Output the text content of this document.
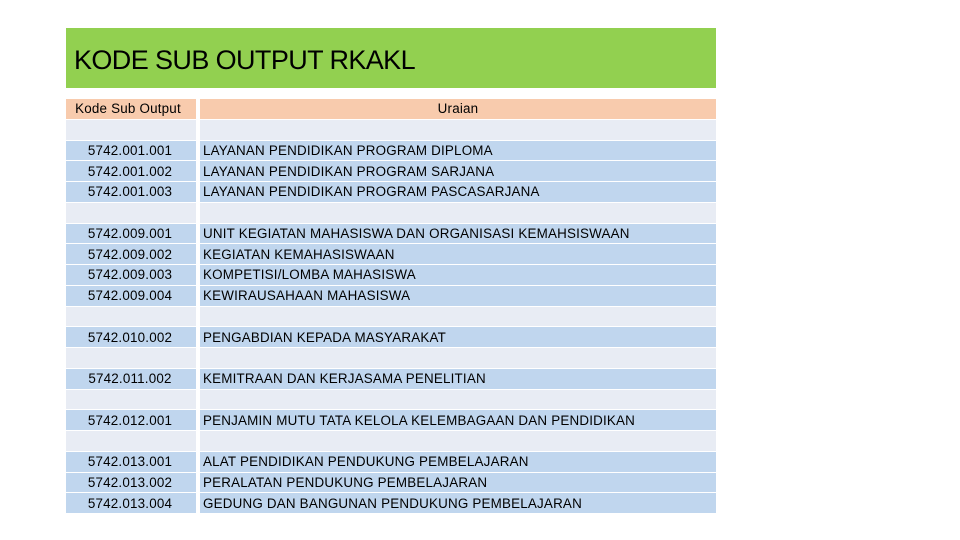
KODE SUB OUTPUT RKAKL
Kode Sub Output	Uraian
5742.001.001	LAYANAN PENDIDIKAN PROGRAM DIPLOMA
5742.001.002	LAYANAN PENDIDIKAN PROGRAM SARJANA
5742.001.003	LAYANAN PENDIDIKAN PROGRAM PASCASARJANA
5742.009.001	UNIT KEGIATAN MAHASISWA DAN ORGANISASI KEMAHSISWAAN
5742.009.002	KEGIATAN KEMAHASISWAAN
5742.009.003	KOMPETISI/LOMBA MAHASISWA
5742.009.004	KEWIRAUSAHAAN MAHASISWA
5742.010.002	PENGABDIAN KEPADA MASYARAKAT
5742.011.002	KEMITRAAN DAN KERJASAMA PENELITIAN
5742.012.001	PENJAMIN MUTU TATA KELOLA KELEMBAGAAN DAN PENDIDIKAN
5742.013.001	ALAT PENDIDIKAN PENDUKUNG PEMBELAJARAN
5742.013.002	PERALATAN PENDUKUNG PEMBELAJARAN
5742.013.004	GEDUNG DAN BANGUNAN PENDUKUNG PEMBELAJARAN
